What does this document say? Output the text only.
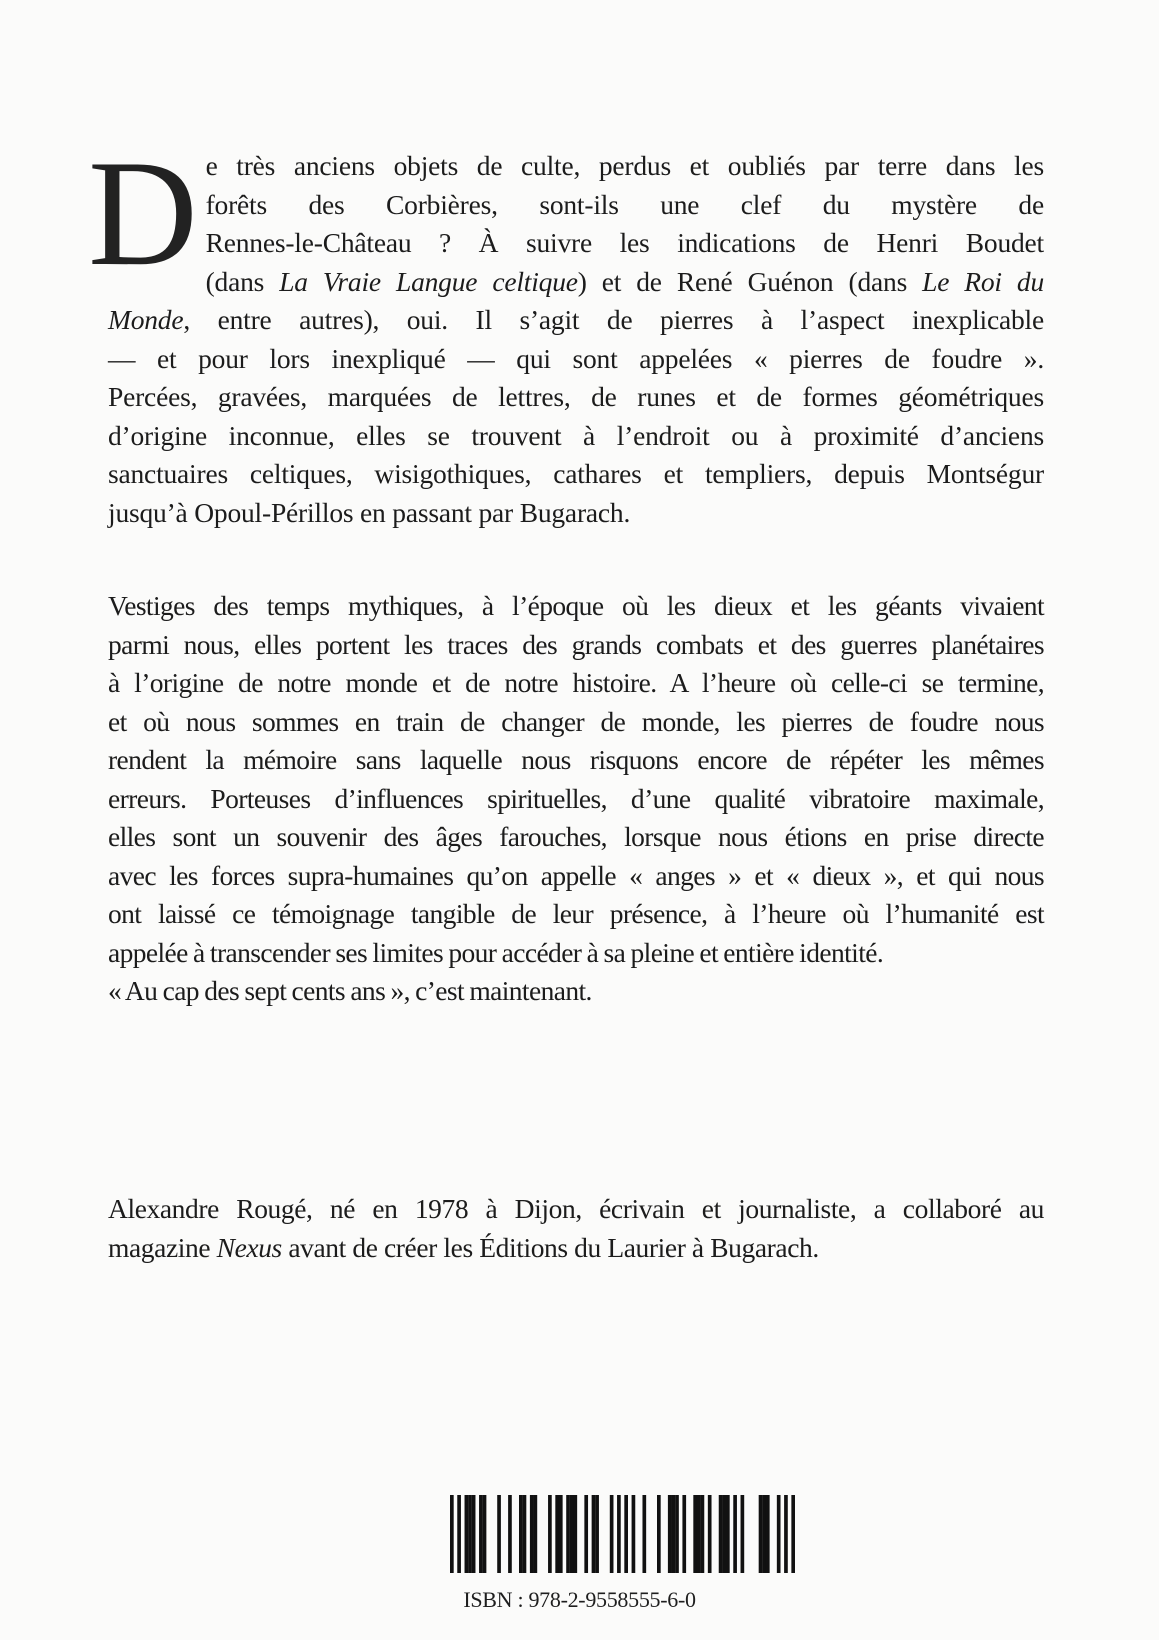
D e très anciens objets de culte, perdus et oubliés par terre dans les
forêts des Corbières, sont-ils une clef du mystère de
Rennes-le-Château ? À suivre les indications de Henri Boudet
(dans La Vraie Langue celtique) et de René Guénon (dans Le Roi du
Monde, entre autres), oui. Il s’agit de pierres à l’aspect inexplicable
— et pour lors inexpliqué — qui sont appelées « pierres de foudre ».
Percées, gravées, marquées de lettres, de runes et de formes géométriques
d’origine inconnue, elles se trouvent à l’endroit ou à proximité d’anciens
sanctuaires celtiques, wisigothiques, cathares et templiers, depuis Montségur
jusqu’à Opoul-Périllos en passant par Bugarach.
Vestiges des temps mythiques, à l’époque où les dieux et les géants vivaient
parmi nous, elles portent les traces des grands combats et des guerres planétaires
à l’origine de notre monde et de notre histoire. A l’heure où celle-ci se termine,
et où nous sommes en train de changer de monde, les pierres de foudre nous
rendent la mémoire sans laquelle nous risquons encore de répéter les mêmes
erreurs. Porteuses d’influences spirituelles, d’une qualité vibratoire maximale,
elles sont un souvenir des âges farouches, lorsque nous étions en prise directe
avec les forces supra-humaines qu’on appelle « anges » et « dieux », et qui nous
ont laissé ce témoignage tangible de leur présence, à l’heure où l’humanité est
appelée à transcender ses limites pour accéder à sa pleine et entière identité.
« Au cap des sept cents ans », c’est maintenant.
Alexandre Rougé, né en 1978 à Dijon, écrivain et journaliste, a collaboré au
magazine Nexus avant de créer les Éditions du Laurier à Bugarach.
ISBN : 978-2-9558555-6-0
